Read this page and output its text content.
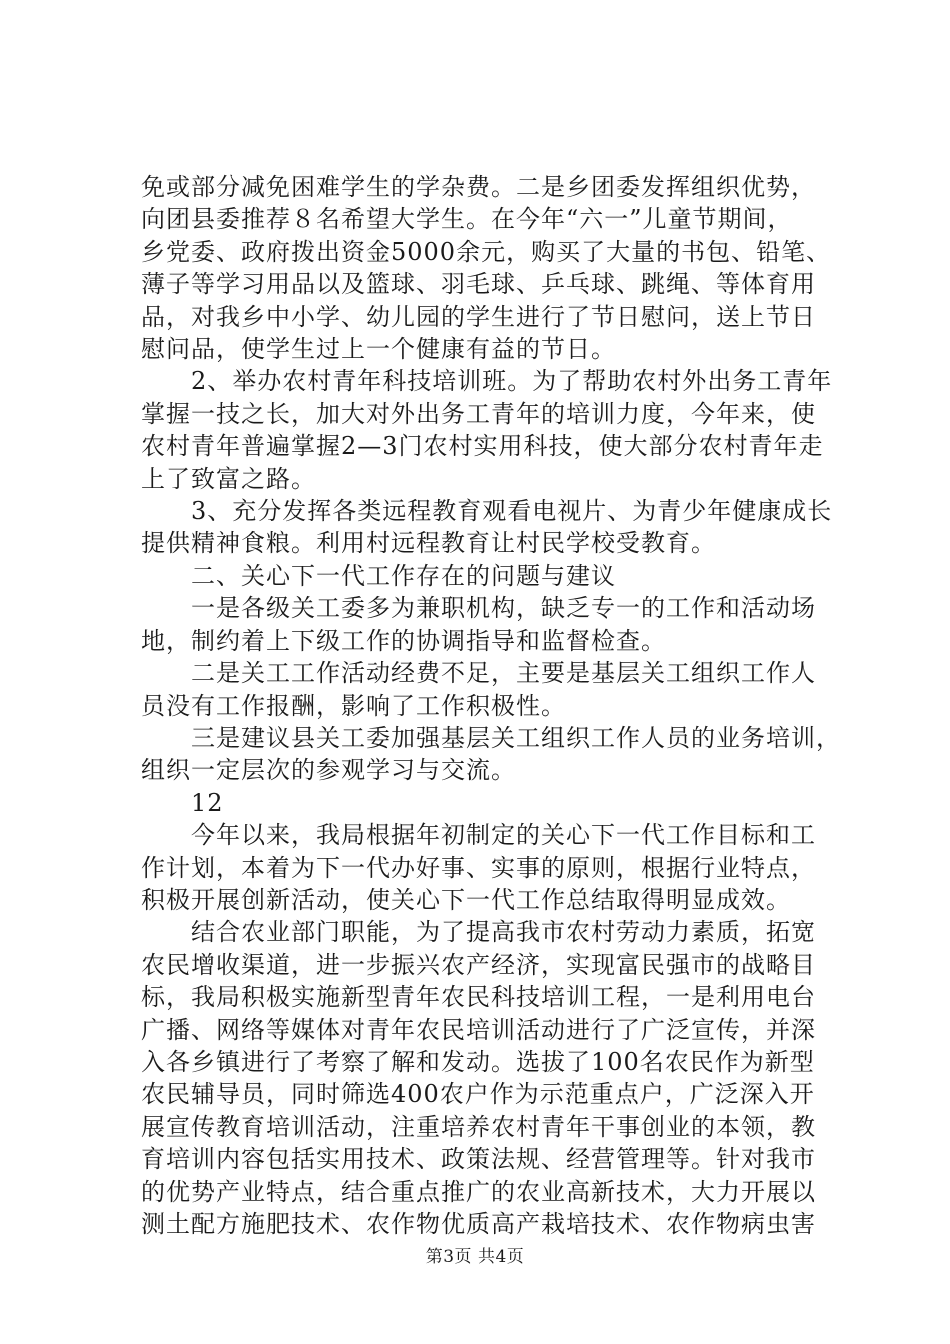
免或部分减免困难学生的学杂费。二是乡团委发挥组织优势，
向团县委推荐８名希望大学生。在今年“六一”儿童节期间，
乡党委、政府拨出资金5000余元，购买了大量的书包、铅笔、
薄子等学习用品以及篮球、羽毛球、乒乓球、跳绳、等体育用
品，对我乡中小学、幼儿园的学生进行了节日慰问，送上节日
慰问品，使学生过上一个健康有益的节日。

　　2、举办农村青年科技培训班。为了帮助农村外出务工青年
掌握一技之长，加大对外出务工青年的培训力度，今年来，使
农村青年普遍掌握2—3门农村实用科技，使大部分农村青年走
上了致富之路。

　　3、充分发挥各类远程教育观看电视片、为青少年健康成长
提供精神食粮。利用村远程教育让村民学校受教育。

　　二、关心下一代工作存在的问题与建议

　　一是各级关工委多为兼职机构，缺乏专一的工作和活动场
地，制约着上下级工作的协调指导和监督检查。

　　二是关工工作活动经费不足，主要是基层关工组织工作人
员没有工作报酬，影响了工作积极性。

　　三是建议县关工委加强基层关工组织工作人员的业务培训，
组织一定层次的参观学习与交流。

　　12

　　今年以来，我局根据年初制定的关心下一代工作目标和工
作计划，本着为下一代办好事、实事的原则，根据行业特点，
积极开展创新活动，使关心下一代工作总结取得明显成效。

　　结合农业部门职能，为了提高我市农村劳动力素质，拓宽
农民增收渠道，进一步振兴农产经济，实现富民强市的战略目
标，我局积极实施新型青年农民科技培训工程，一是利用电台
广播、网络等媒体对青年农民培训活动进行了广泛宣传，并深
入各乡镇进行了考察了解和发动。选拔了100名农民作为新型
农民辅导员，同时筛选400农户作为示范重点户，广泛深入开
展宣传教育培训活动，注重培养农村青年干事创业的本领，教
育培训内容包括实用技术、政策法规、经营管理等。针对我市
的优势产业特点，结合重点推广的农业高新技术，大力开展以
测土配方施肥技术、农作物优质高产栽培技术、农作物病虫害

第3页 共4页
